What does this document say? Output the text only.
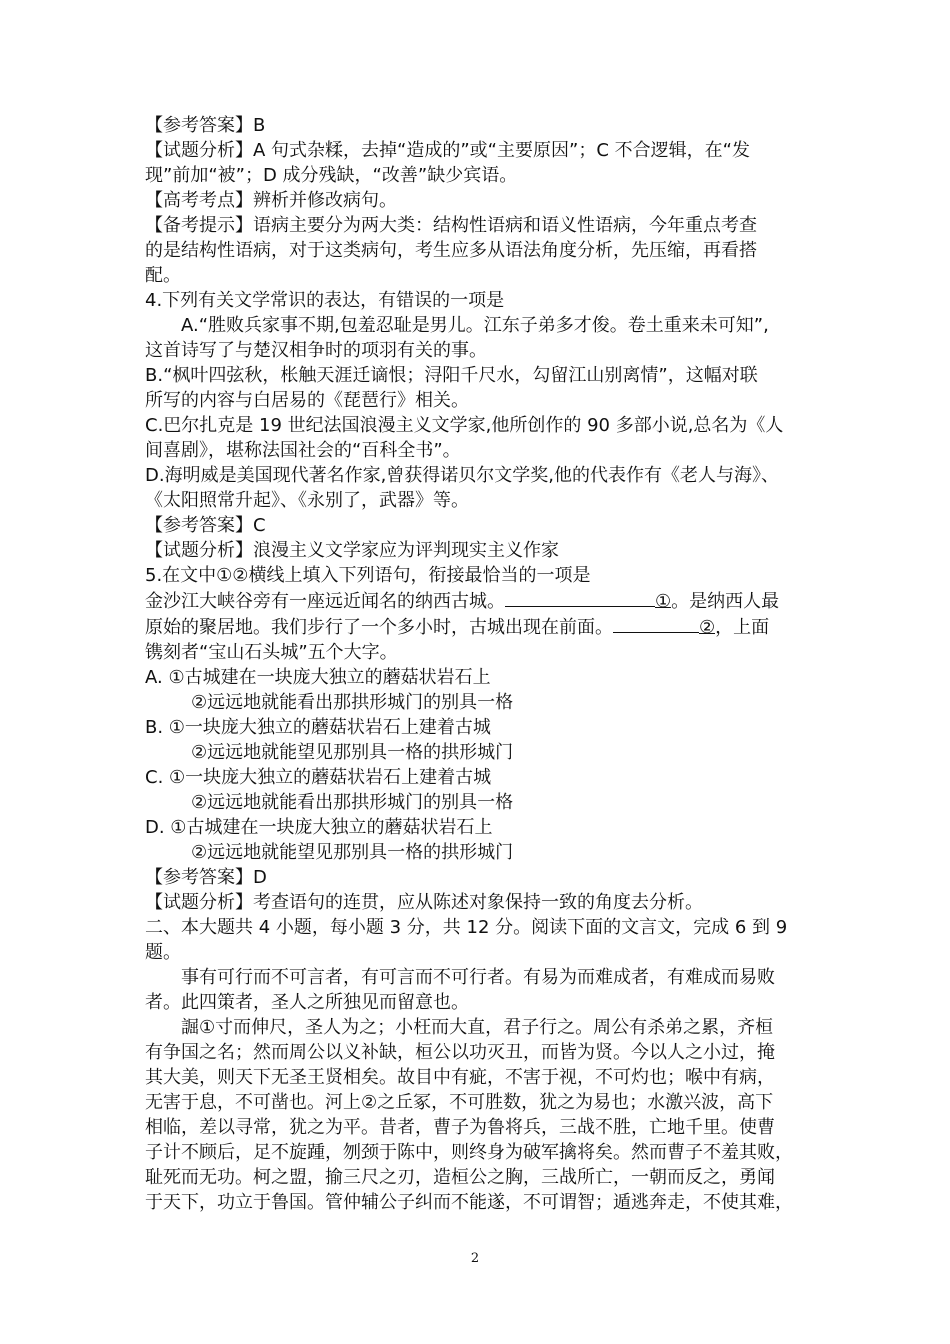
【参考答案】B

【试题分析】A 句式杂糅，去掉“造成的”或“主要原因”；C 不合逻辑，在“发

现”前加“被”；D 成分残缺，“改善”缺少宾语。

【高考考点】辨析并修改病句。

【备考提示】语病主要分为两大类：结构性语病和语义性语病，今年重点考查

的是结构性语病，对于这类病句，考生应多从语法角度分析，先压缩，再看搭

配。

4.下列有关文学常识的表达，有错误的一项是

A.“胜败兵家事不期,包羞忍耻是男儿。江东子弟多才俊。卷土重来未可知”,

这首诗写了与楚汉相争时的项羽有关的事。

B.“枫叶四弦秋，枨触天涯迁谪恨；浔阳千尺水，勾留江山别离情”，这幅对联

所写的内容与白居易的《琵琶行》相关。

C.巴尔扎克是 19 世纪法国浪漫主义文学家,他所创作的 90 多部小说,总名为《人

间喜剧》，堪称法国社会的“百科全书”。

D.海明威是美国现代著名作家,曾获得诺贝尔文学奖,他的代表作有《老人与海》、

《太阳照常升起》、《永别了，武器》等。

【参考答案】C

【试题分析】浪漫主义文学家应为评判现实主义作家

5.在文中①②横线上填入下列语句，衔接最恰当的一项是

金沙江大峡谷旁有一座远近闻名的纳西古城。	①。是纳西人最

原始的聚居地。我们步行了一个多小时，古城出现在前面。	②，上面

镌刻者“宝山石头城”五个大字。

A. ①古城建在一块庞大独立的蘑菇状岩石上

②远远地就能看出那拱形城门的别具一格

B. ①一块庞大独立的蘑菇状岩石上建着古城

②远远地就能望见那别具一格的拱形城门

C. ①一块庞大独立的蘑菇状岩石上建着古城

②远远地就能看出那拱形城门的别具一格

D. ①古城建在一块庞大独立的蘑菇状岩石上

②远远地就能望见那别具一格的拱形城门

【参考答案】D

【试题分析】考查语句的连贯，应从陈述对象保持一致的角度去分析。

二、本大题共 4 小题，每小题 3 分，共 12 分。阅读下面的文言文，完成 6 到 9

题。

事有可行而不可言者，有可言而不可行者。有易为而难成者，有难成而易败

者。此四策者，圣人之所独见而留意也。

誳①寸而伸尺，圣人为之；小枉而大直，君子行之。周公有杀弟之累，齐桓

有争国之名；然而周公以义补缺，桓公以功灭丑，而皆为贤。今以人之小过，掩

其大美，则天下无圣王贤相矣。故目中有疵，不害于视，不可灼也；喉中有病，

无害于息，不可凿也。河上②之丘冢，不可胜数，犹之为易也；水激兴波，高下

相临，差以寻常，犹之为平。昔者，曹子为鲁将兵，三战不胜，亡地千里。使曹

子计不顾后，足不旋踵，刎颈于陈中，则终身为破军擒将矣。然而曹子不羞其败，

耻死而无功。柯之盟，揄三尺之刃，造桓公之胸，三战所亡，一朝而反之，勇闻

于天下，功立于鲁国。管仲辅公子纠而不能遂，不可谓智；遁逃奔走，不使其难，

2
